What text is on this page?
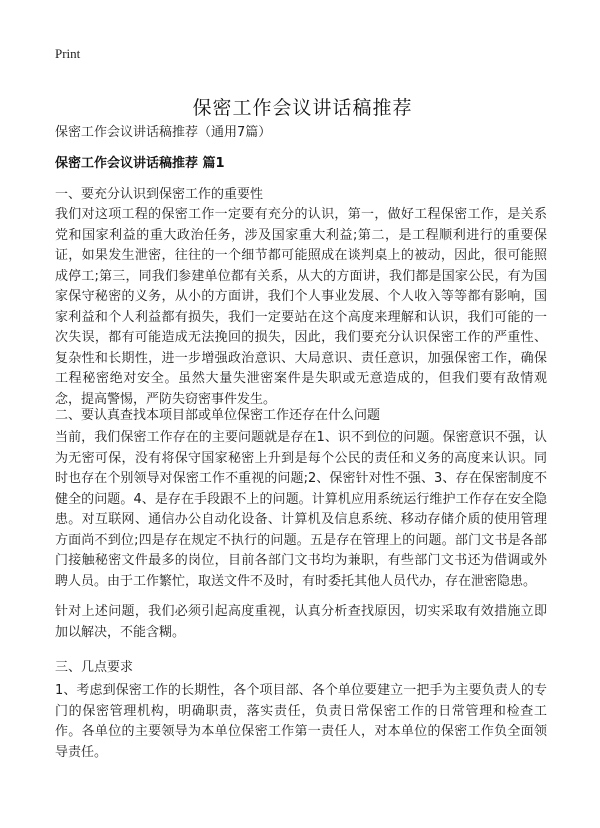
Print
保密工作会议讲话稿推荐
保密工作会议讲话稿推荐（通用7篇）
保密工作会议讲话稿推荐 篇1
一、要充分认识到保密工作的重要性

我们对这项工程的保密工作一定要有充分的认识，第一，做好工程保密工作，是关系党和国家利益的重大政治任务，涉及国家重大利益;第二，是工程顺利进行的重要保证，如果发生泄密，往往的一个细节都可能照成在谈判桌上的被动，因此，很可能照成停工;第三，同我们参建单位都有关系，从大的方面讲，我们都是国家公民，有为国家保守秘密的义务，从小的方面讲，我们个人事业发展、个人收入等等都有影响，国家利益和个人利益都有损失，我们一定要站在这个高度来理解和认识，我们可能的一次失误，都有可能造成无法挽回的损失，因此，我们要充分认识保密工作的严重性、复杂性和长期性，进一步增强政治意识、大局意识、责任意识，加强保密工作，确保工程秘密绝对安全。虽然大量失泄密案件是失职或无意造成的，但我们要有敌情观念，提高警惕，严防失窃密事件发生。

二、要认真查找本项目部或单位保密工作还存在什么问题

当前，我们保密工作存在的主要问题就是存在1、识不到位的问题。保密意识不强，认为无密可保，没有将保守国家秘密上升到是每个公民的责任和义务的高度来认识。同时也存在个别领导对保密工作不重视的问题;2、保密针对性不强、3、存在保密制度不健全的问题。4、是存在手段跟不上的问题。计算机应用系统运行维护工作存在安全隐患。对互联网、通信办公自动化设备、计算机及信息系统、移动存储介质的使用管理方面尚不到位;四是存在规定不执行的问题。五是存在管理上的问题。部门文书是各部门接触秘密文件最多的岗位，目前各部门文书均为兼职，有些部门文书还为借调或外聘人员。由于工作繁忙，取送文件不及时，有时委托其他人员代办，存在泄密隐患。

针对上述问题，我们必须引起高度重视，认真分析查找原因，切实采取有效措施立即加以解决，不能含糊。

三、几点要求

1、考虑到保密工作的长期性，各个项目部、各个单位要建立一把手为主要负责人的专门的保密管理机构，明确职责，落实责任，负责日常保密工作的日常管理和检查工作。各单位的主要领导为本单位保密工作第一责任人，对本单位的保密工作负全面领导责任。
